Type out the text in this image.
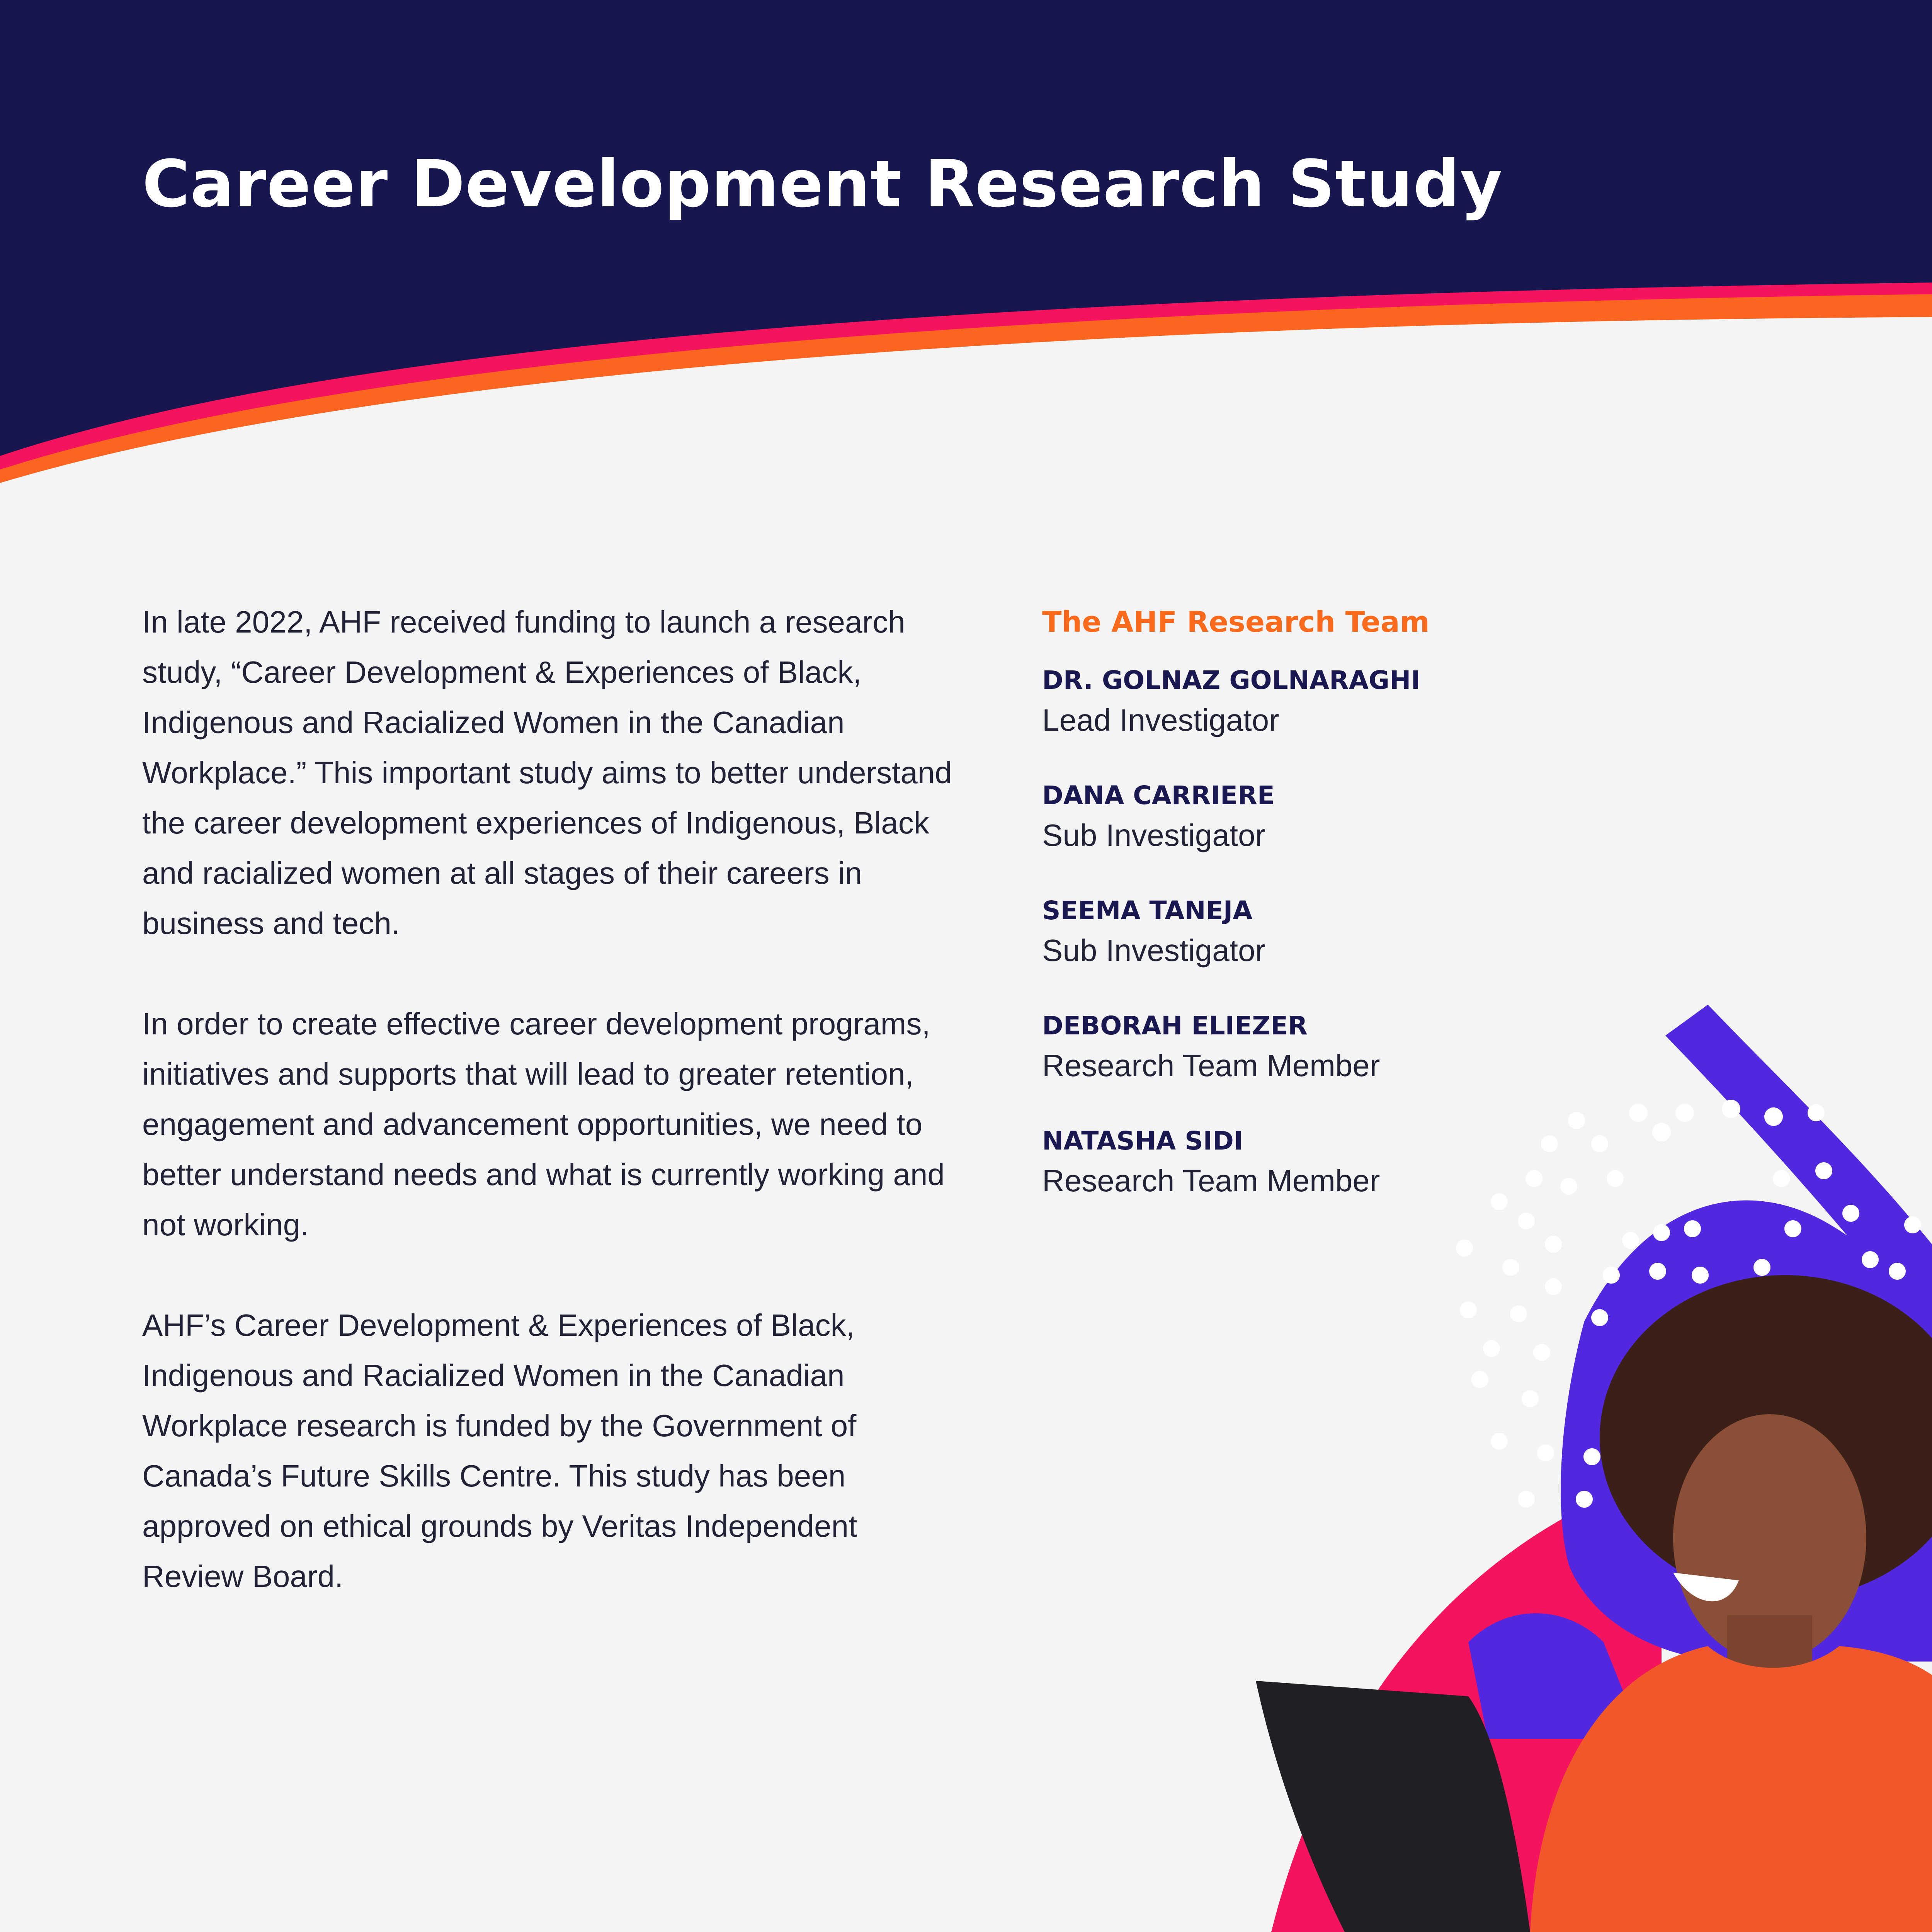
Career Development Research Study

In late 2022, AHF received funding to launch a research study, “Career Development & Experiences of Black, Indigenous and Racialized Women in the Canadian Workplace.” This important study aims to better understand the career development experiences of Indigenous, Black and racialized women at all stages of their careers in business and tech.

In order to create effective career development programs, initiatives and supports that will lead to greater retention, engagement and advancement opportunities, we need to better understand needs and what is currently working and not working.

AHF’s Career Development & Experiences of Black, Indigenous and Racialized Women in the Canadian Workplace research is funded by the Government of Canada’s Future Skills Centre. This study has been approved on ethical grounds by Veritas Independent Review Board.

The AHF Research Team
DR. GOLNAZ GOLNARAGHI
Lead Investigator
DANA CARRIERE
Sub Investigator
SEEMA TANEJA
Sub Investigator
DEBORAH ELIEZER
Research Team Member
NATASHA SIDI
Research Team Member
